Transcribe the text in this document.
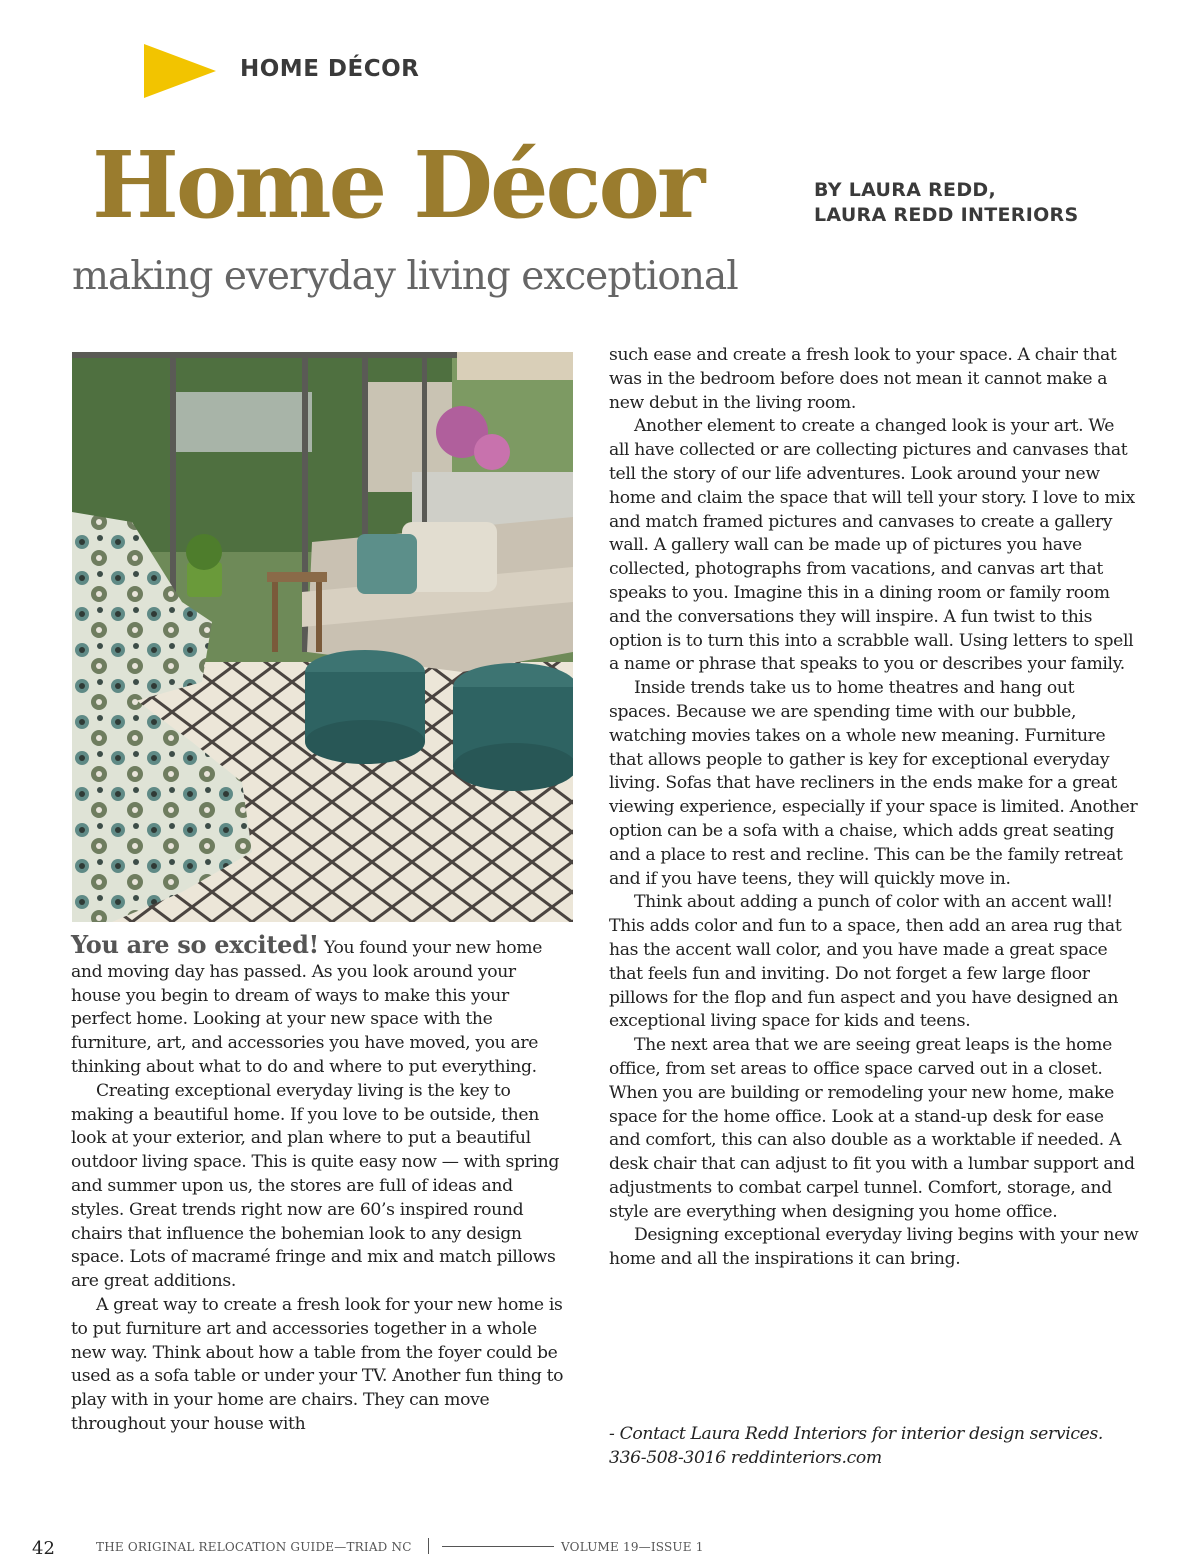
HOME DÉCOR
Home Décor	BY LAURA REDD,
LAURA REDD INTERIORS
making everyday living exceptional

You are so excited! You found your new home and moving day has passed. As you look around your house you begin to dream of ways to make this your perfect home. Looking at your new space with the furniture, art, and accessories you have moved, you are thinking about what to do and where to put everything.

Creating exceptional everyday living is the key to making a beautiful home. If you love to be outside, then look at your exterior, and plan where to put a beautiful outdoor living space. This is quite easy now — with spring and summer upon us, the stores are full of ideas and styles. Great trends right now are 60’s inspired round chairs that influence the bohemian look to any design space. Lots of macramé fringe and mix and match pillows are great additions.

A great way to create a fresh look for your new home is to put furniture art and accessories together in a whole new way. Think about how a table from the foyer could be used as a sofa table or under your TV. Another fun thing to play with in your home are chairs. They can move throughout your house with

such ease and create a fresh look to your space. A chair that was in the bedroom before does not mean it cannot make a new debut in the living room.

Another element to create a changed look is your art. We all have collected or are collecting pictures and canvases that tell the story of our life adventures. Look around your new home and claim the space that will tell your story. I love to mix and match framed pictures and canvases to create a gallery wall. A gallery wall can be made up of pictures you have collected, photographs from vacations, and canvas art that speaks to you. Imagine this in a dining room or family room and the conversations they will inspire. A fun twist to this option is to turn this into a scrabble wall. Using letters to spell a name or phrase that speaks to you or describes your family.

Inside trends take us to home theatres and hang out spaces. Because we are spending time with our bubble, watching movies takes on a whole new meaning. Furniture that allows people to gather is key for exceptional everyday living. Sofas that have recliners in the ends make for a great viewing experience, especially if your space is limited. Another option can be a sofa with a chaise, which adds great seating and a place to rest and recline. This can be the family retreat and if you have teens, they will quickly move in.

Think about adding a punch of color with an accent wall! This adds color and fun to a space, then add an area rug that has the accent wall color, and you have made a great space that feels fun and inviting. Do not forget a few large floor pillows for the flop and fun aspect and you have designed an exceptional living space for kids and teens.

The next area that we are seeing great leaps is the home office, from set areas to office space carved out in a closet. When you are building or remodeling your new home, make space for the home office. Look at a stand-up desk for ease and comfort, this can also double as a worktable if needed. A desk chair that can adjust to fit you with a lumbar support and adjustments to combat carpel tunnel. Comfort, storage, and style are everything when designing you home office.

Designing exceptional everyday living begins with your new home and all the inspirations it can bring.

- Contact Laura Redd Interiors for interior design services. 336-508-3016 reddinteriors.com
42	THE ORIGINAL RELOCATION GUIDE—TRIAD NC	VOLUME 19—ISSUE 1
